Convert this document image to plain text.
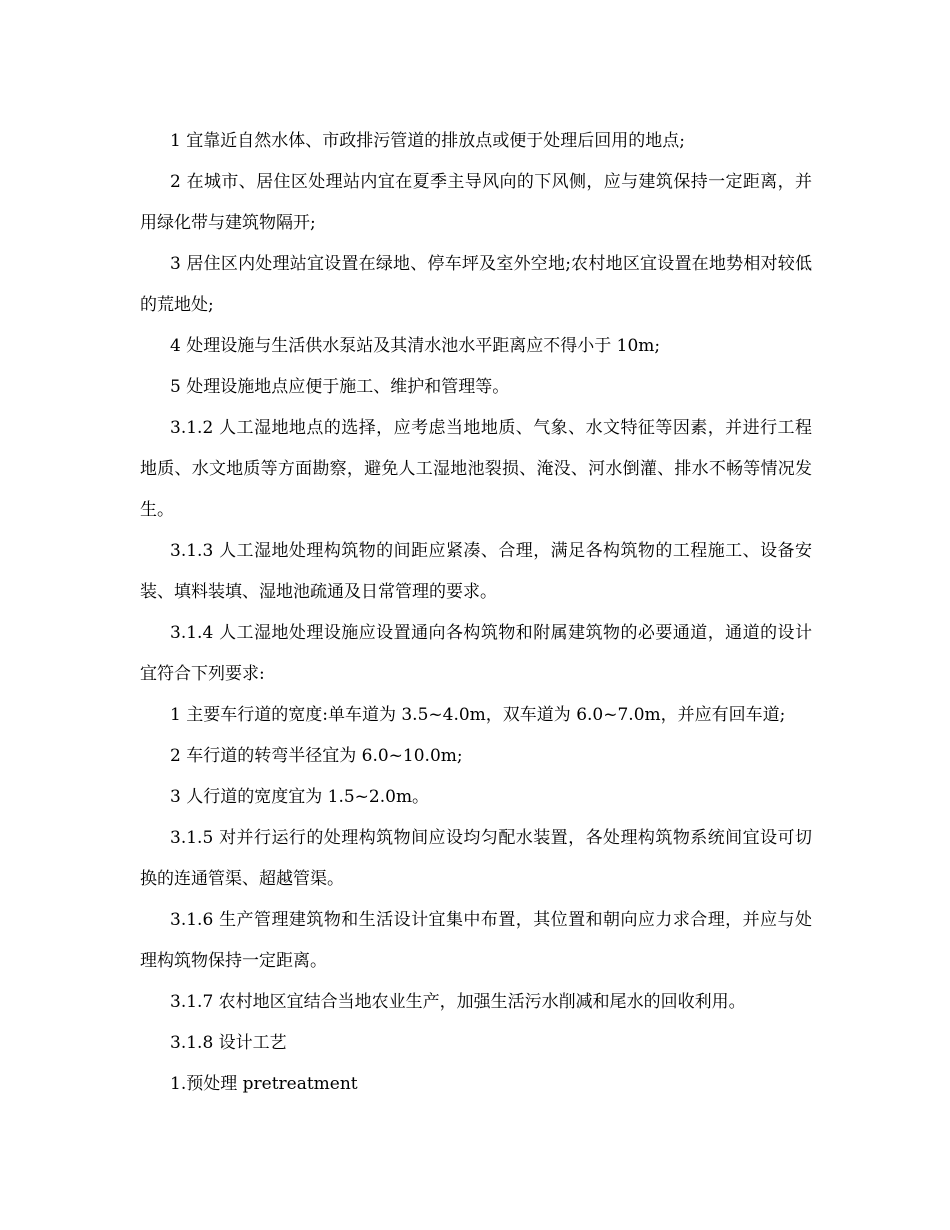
1 宜靠近自然水体、市政排污管道的排放点或便于处理后回用的地点;

2 在城市、居住区处理站内宜在夏季主导风向的下风侧，应与建筑保持一定距离，并用绿化带与建筑物隔开;

3 居住区内处理站宜设置在绿地、停车坪及室外空地;农村地区宜设置在地势相对较低的荒地处;

4 处理设施与生活供水泵站及其清水池水平距离应不得小于 10m;

5 处理设施地点应便于施工、维护和管理等。

3.1.2 人工湿地地点的选择，应考虑当地地质、气象、水文特征等因素，并进行工程地质、水文地质等方面勘察，避免人工湿地池裂损、淹没、河水倒灌、排水不畅等情况发生。

3.1.3 人工湿地处理构筑物的间距应紧凑、合理，满足各构筑物的工程施工、设备安装、填料装填、湿地池疏通及日常管理的要求。

3.1.4 人工湿地处理设施应设置通向各构筑物和附属建筑物的必要通道，通道的设计宜符合下列要求:

1 主要车行道的宽度:单车道为 3.5~4.0m，双车道为 6.0~7.0m，并应有回车道;

2 车行道的转弯半径宜为 6.0~10.0m;

3 人行道的宽度宜为 1.5~2.0m。

3.1.5 对并行运行的处理构筑物间应设均匀配水装置，各处理构筑物系统间宜设可切换的连通管渠、超越管渠。

3.1.6 生产管理建筑物和生活设计宜集中布置，其位置和朝向应力求合理，并应与处理构筑物保持一定距离。

3.1.7 农村地区宜结合当地农业生产，加强生活污水削减和尾水的回收利用。

3.1.8 设计工艺

1.预处理 pretreatment
